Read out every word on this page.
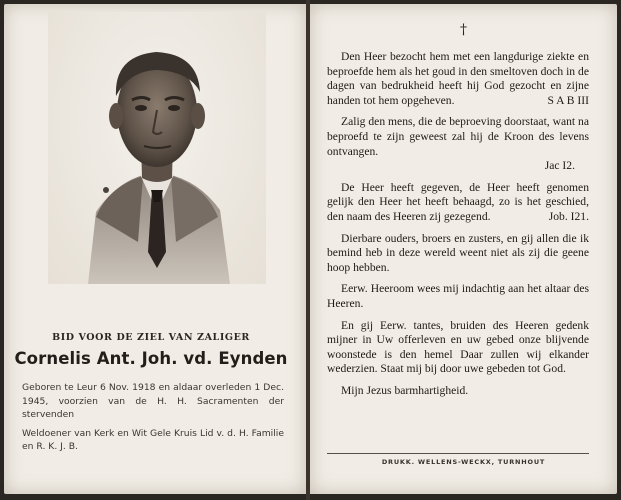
BID VOOR DE ZIEL VAN ZALIGER
Cornelis Ant. Joh. vd. Eynden

Geboren te Leur 6 Nov. 1918 en aldaar overleden 1 Dec. 1945, voorzien van de H. H. Sacramenten der stervenden

Weldoener van Kerk en Wit Gele Kruis Lid v. d. H. Familie en R. K. J. B.

†

Den Heer bezocht hem met een langdurige ziekte en beproefde hem als het goud in den smeltoven doch in de dagen van bedrukheid heeft hij God gezocht en zijne handen tot hem opgeheven.	S A B III

Zalig den mens, die de beproeving doorstaat, want na beproefd te zijn geweest zal hij de Kroon des levens ontvangen.
Jac I2.

De Heer heeft gegeven, de Heer heeft genomen gelijk den Heer het heeft behaagd, zo is het geschied, den naam des Heeren zij gezegend.	Job. I21.

Dierbare ouders, broers en zusters, en gij allen die ik bemind heb in deze wereld weent niet als zij die geene hoop hebben.

Eerw. Heeroom wees mij indachtig aan het altaar des Heeren.

En gij Eerw. tantes, bruiden des Heeren gedenk mijner in Uw offerleven en uw gebed onze blijvende woonstede is den hemel Daar zullen wij elkander wederzien. Staat mij bij door uwe gebeden tot God.

Mijn Jezus barmhartigheid.

DRUKK. WELLENS-WECKX, TURNHOUT
